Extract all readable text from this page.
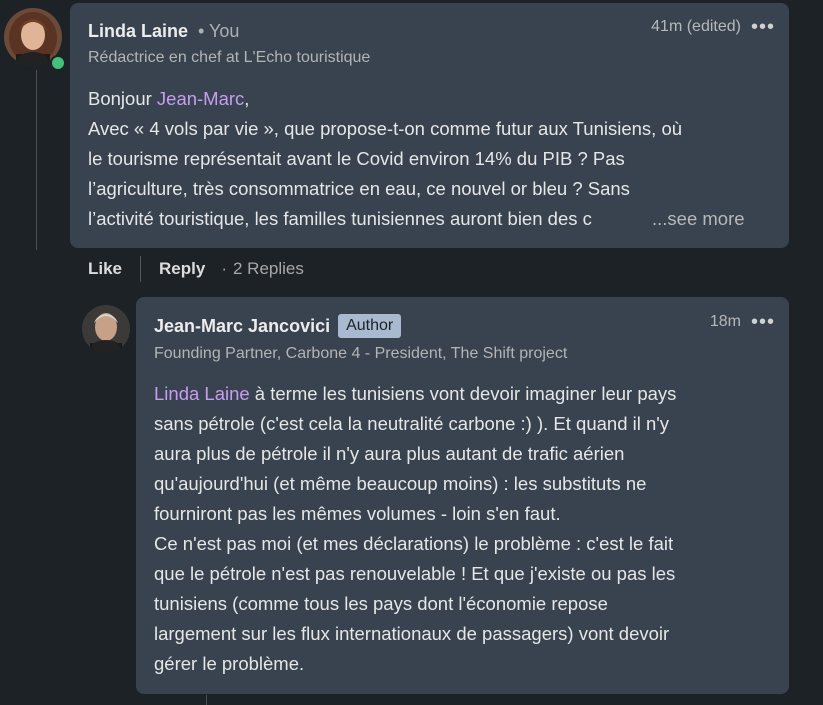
Linda Laine • You
Rédactrice en chef at L'Echo touristique
41m (edited) •••
Bonjour Jean-Marc,
Avec « 4 vols par vie », que propose-t-on comme futur aux Tunisiens, où
le tourisme représentait avant le Covid environ 14% du PIB ? Pas
l’agriculture, très consommatrice en eau, ce nouvel or bleu ? Sans
l’activité touristique, les familles tunisiennes auront bien des c	...see more
Like Reply · 2 Replies
Jean-Marc Jancovici	Author
Founding Partner, Carbone 4 - President, The Shift project
18m •••
Linda Laine à terme les tunisiens vont devoir imaginer leur pays
sans pétrole (c'est cela la neutralité carbone :) ). Et quand il n'y
aura plus de pétrole il n'y aura plus autant de trafic aérien
qu'aujourd'hui (et même beaucoup moins) : les substituts ne
fourniront pas les mêmes volumes - loin s'en faut.
Ce n'est pas moi (et mes déclarations) le problème : c'est le fait
que le pétrole n'est pas renouvelable ! Et que j'existe ou pas les
tunisiens (comme tous les pays dont l'économie repose
largement sur les flux internationaux de passagers) vont devoir
gérer le problème.
